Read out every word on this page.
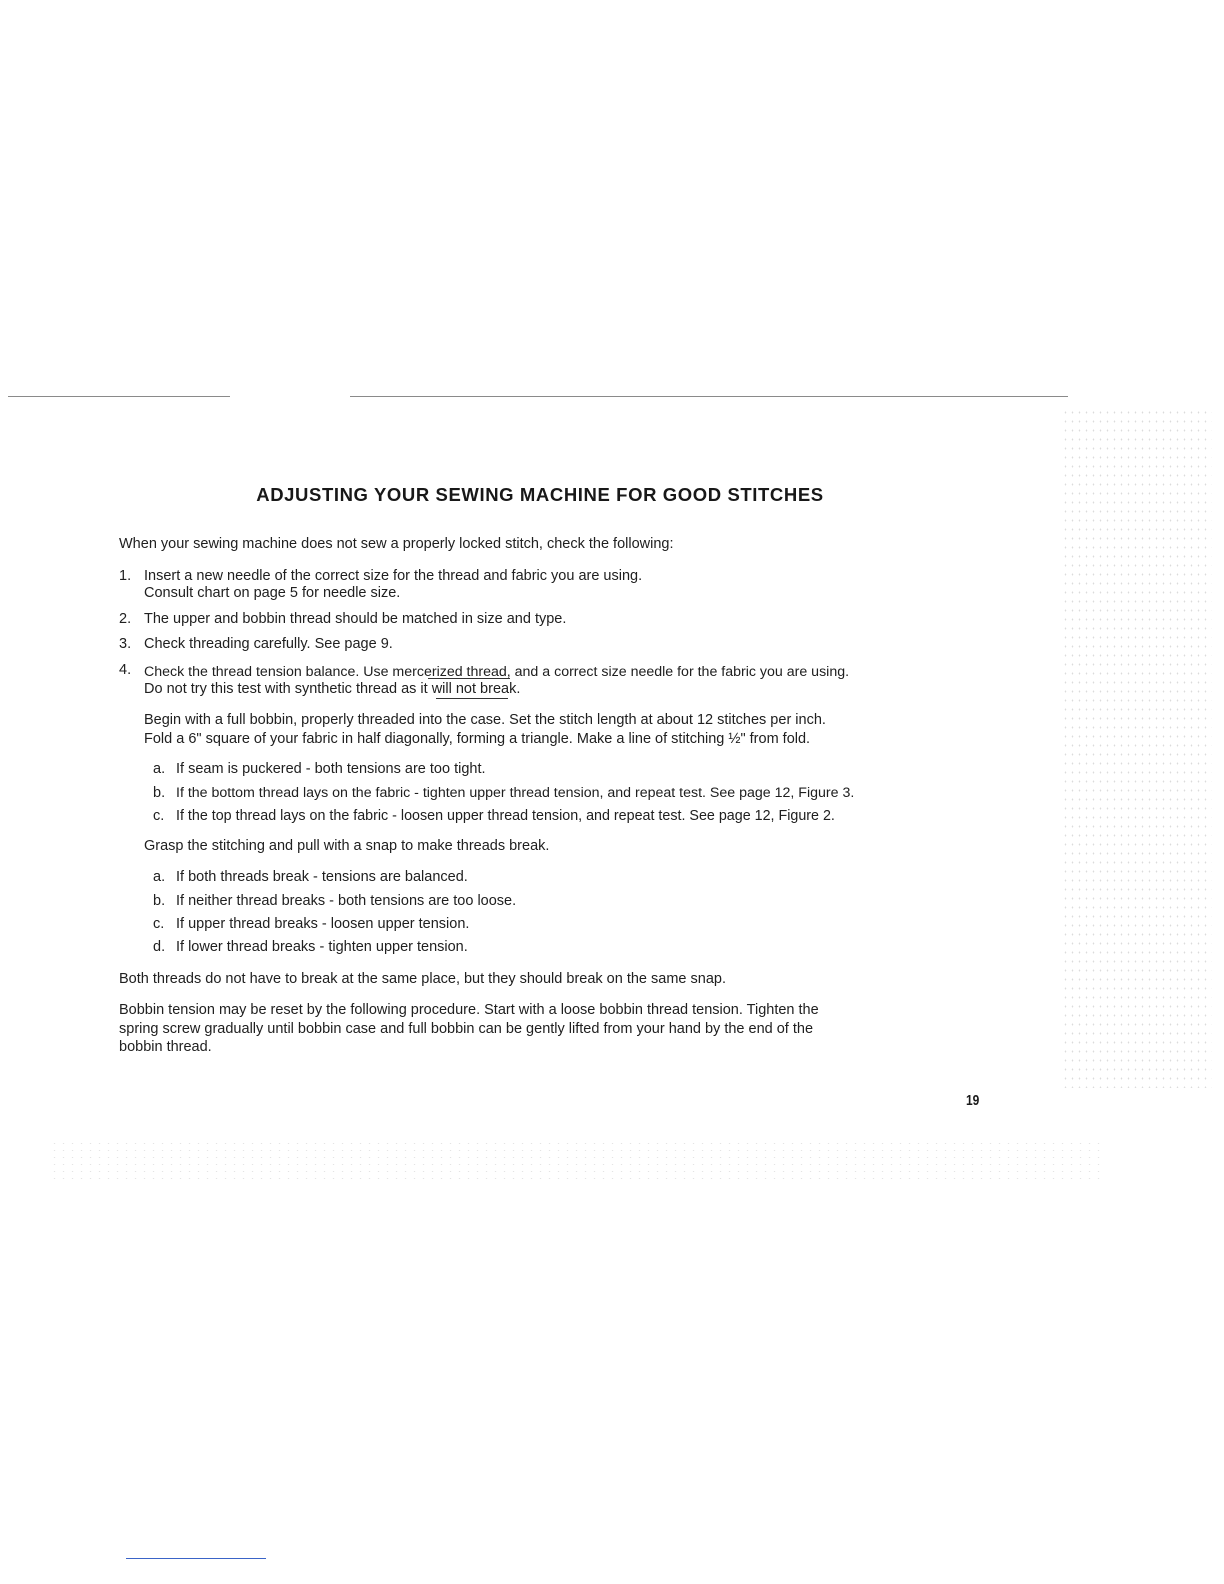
ADJUSTING YOUR SEWING MACHINE FOR GOOD STITCHES
When your sewing machine does not sew a properly locked stitch, check the following:
1. Insert a new needle of the correct size for the thread and fabric you are using.
Consult chart on page 5 for needle size.
2. The upper and bobbin thread should be matched in size and type.
3. Check threading carefully. See page 9.
4. Check the thread tension balance. Use mercerized thread, and a correct size needle for the fabric you are using.
Do not try this test with synthetic thread as it will not break.
Begin with a full bobbin, properly threaded into the case. Set the stitch length at about 12 stitches per inch.
Fold a 6" square of your fabric in half diagonally, forming a triangle. Make a line of stitching ½" from fold.
a. If seam is puckered - both tensions are too tight.
b. If the bottom thread lays on the fabric - tighten upper thread tension, and repeat test. See page 12, Figure 3.
c. If the top thread lays on the fabric - loosen upper thread tension, and repeat test. See page 12, Figure 2.
Grasp the stitching and pull with a snap to make threads break.
a. If both threads break - tensions are balanced.
b. If neither thread breaks - both tensions are too loose.
c. If upper thread breaks - loosen upper tension.
d. If lower thread breaks - tighten upper tension.
Both threads do not have to break at the same place, but they should break on the same snap.
Bobbin tension may be reset by the following procedure. Start with a loose bobbin thread tension. Tighten the
spring screw gradually until bobbin case and full bobbin can be gently lifted from your hand by the end of the
bobbin thread.
19
